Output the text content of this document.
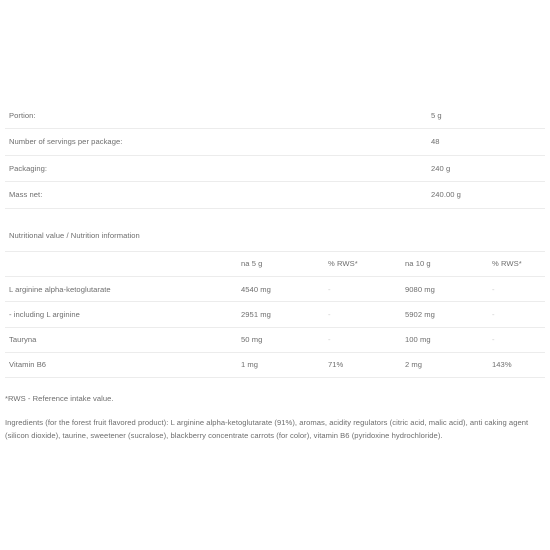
Portion:	5 g
Number of servings per package:	48
Packaging:	240 g
Mass net:	240.00 g
Nutritional value / Nutrition information
	na 5 g	% RWS*	na 10 g	% RWS*
L arginine alpha-ketoglutarate	4540 mg	-	9080 mg	-
- including L arginine	2951 mg	-	5902 mg	-
Tauryna	50 mg	-	100 mg	-
Vitamin B6	1 mg	71%	2 mg	143%
*RWS - Reference intake value.
Ingredients (for the forest fruit flavored product): L arginine alpha-ketoglutarate (91%), aromas, acidity regulators (citric acid, malic acid), anti caking agent (silicon dioxide), taurine, sweetener (sucralose), blackberry concentrate carrots (for color), vitamin B6 (pyridoxine hydrochloride).
